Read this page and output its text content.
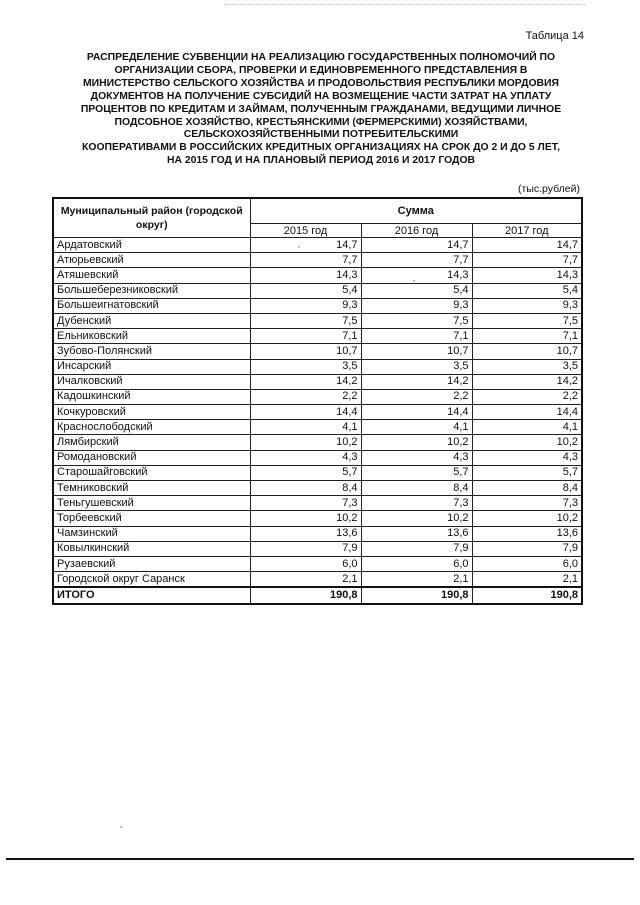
Таблица 14
РАСПРЕДЕЛЕНИЕ СУБВЕНЦИИ НА РЕАЛИЗАЦИЮ ГОСУДАРСТВЕННЫХ ПОЛНОМОЧИЙ ПО
ОРГАНИЗАЦИИ СБОРА, ПРОВЕРКИ И ЕДИНОВРЕМЕННОГО ПРЕДСТАВЛЕНИЯ В
МИНИСТЕРСТВО СЕЛЬСКОГО ХОЗЯЙСТВА И ПРОДОВОЛЬСТВИЯ РЕСПУБЛИКИ МОРДОВИЯ
ДОКУМЕНТОВ НА ПОЛУЧЕНИЕ СУБСИДИЙ НА ВОЗМЕЩЕНИЕ ЧАСТИ ЗАТРАТ НА УПЛАТУ
ПРОЦЕНТОВ ПО КРЕДИТАМ И ЗАЙМАМ, ПОЛУЧЕННЫМ ГРАЖДАНАМИ, ВЕДУЩИМИ ЛИЧНОЕ
ПОДСОБНОЕ ХОЗЯЙСТВО, КРЕСТЬЯНСКИМИ (ФЕРМЕРСКИМИ) ХОЗЯЙСТВАМИ,
СЕЛЬСКОХОЗЯЙСТВЕННЫМИ ПОТРЕБИТЕЛЬСКИМИ
КООПЕРАТИВАМИ В РОССИЙСКИХ КРЕДИТНЫХ ОРГАНИЗАЦИЯХ НА СРОК ДО 2 И ДО 5 ЛЕТ,
НА 2015 ГОД И НА ПЛАНОВЫЙ ПЕРИОД 2016 И 2017 ГОДОВ
(тыс.рублей)
Муниципальный район (городской округ)	Сумма		
	2015 год	2016 год	2017 год
Ардатовский	14,7	14,7	14,7
Атюрьевский	7,7	7,7	7,7
Атяшевский	14,3	14,3	14,3
Большеберезниковский	5,4	5,4	5,4
Большеигнатовский	9,3	9,3	9,3
Дубенский	7,5	7,5	7,5
Ельниковский	7,1	7,1	7,1
Зубово-Полянский	10,7	10,7	10,7
Инсарский	3,5	3,5	3,5
Ичалковский	14,2	14,2	14,2
Кадошкинский	2,2	2,2	2,2
Кочкуровский	14,4	14,4	14,4
Краснослободский	4,1	4,1	4,1
Лямбирский	10,2	10,2	10,2
Ромодановский	4,3	4,3	4,3
Старошайговский	5,7	5,7	5,7
Темниковский	8,4	8,4	8,4
Теньгушевский	7,3	7,3	7,3
Торбеевский	10,2	10,2	10,2
Чамзинский	13,6	13,6	13,6
Ковылкинский	7,9	7,9	7,9
Рузаевский	6,0	6,0	6,0
Городской округ Саранск	2,1	2,1	2,1
ИТОГО	190,8	190,8	190,8
